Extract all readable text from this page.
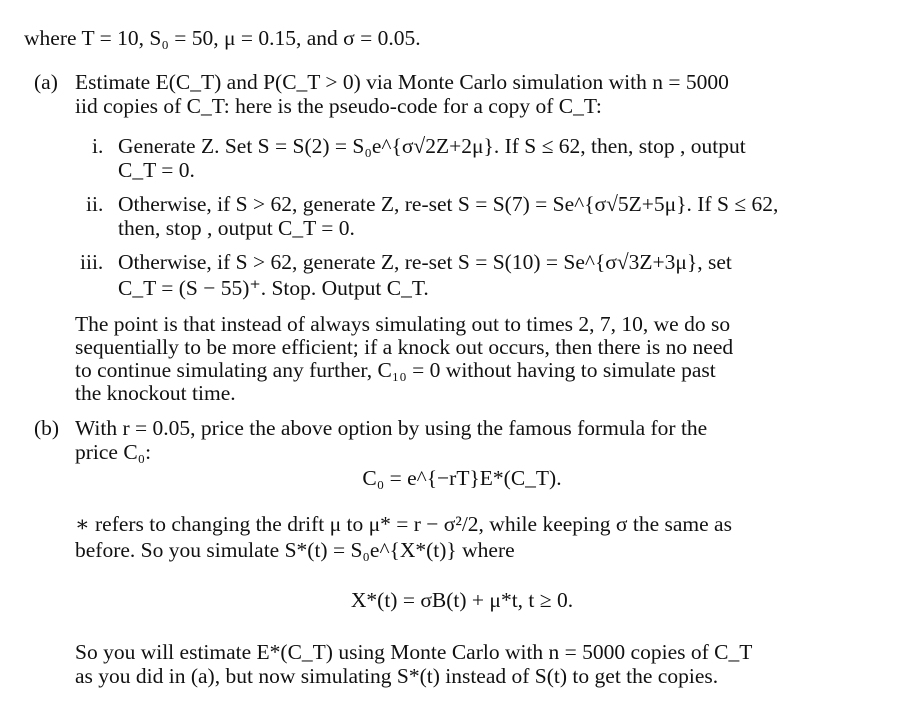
where T = 10, S₀ = 50, μ = 0.15, and σ = 0.05.
(a) Estimate E(C_T) and P(C_T > 0) via Monte Carlo simulation with n = 5000
iid copies of C_T: here is the pseudo-code for a copy of C_T:
i. Generate Z. Set S = S(2) = S₀e^{σ√2Z+2μ}. If S ≤ 62, then, stop , output
C_T = 0.
ii. Otherwise, if S > 62, generate Z, re-set S = S(7) = Se^{σ√5Z+5μ}. If S ≤ 62,
then, stop , output C_T = 0.
iii. Otherwise, if S > 62, generate Z, re-set S = S(10) = Se^{σ√3Z+3μ}, set
C_T = (S − 55)⁺. Stop. Output C_T.
The point is that instead of always simulating out to times 2, 7, 10, we do so
sequentially to be more efficient; if a knock out occurs, then there is no need
to continue simulating any further, C₁₀ = 0 without having to simulate past
the knockout time.
(b) With r = 0.05, price the above option by using the famous formula for the
price C₀:
C₀ = e^{−rT}E*(C_T).
∗ refers to changing the drift μ to μ* = r − σ²/2, while keeping σ the same as
before. So you simulate S*(t) = S₀e^{X*(t)} where
X*(t) = σB(t) + μ*t, t ≥ 0.
So you will estimate E*(C_T) using Monte Carlo with n = 5000 copies of C_T
as you did in (a), but now simulating S*(t) instead of S(t) to get the copies.
